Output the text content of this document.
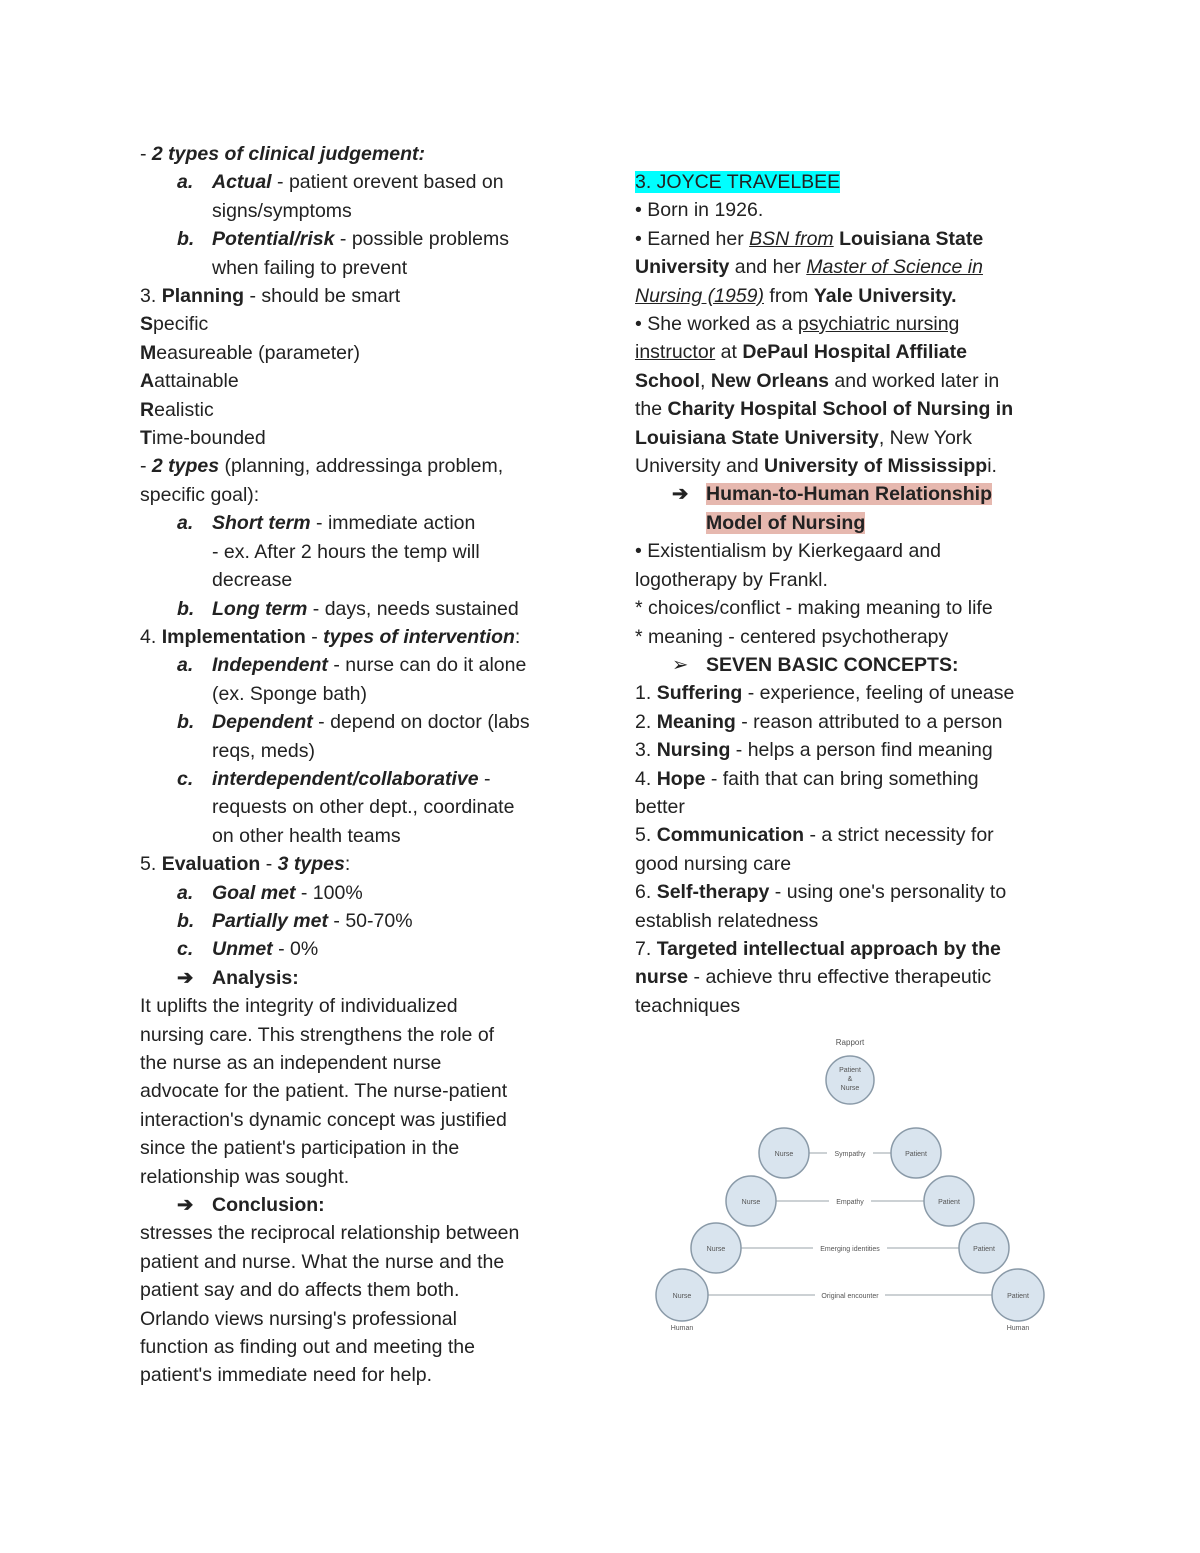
- 2 types of clinical judgement:
a. Actual - patient orevent based on
signs/symptoms
b. Potential/risk - possible problems
when failing to prevent
3. Planning - should be smart
Specific
Measureable (parameter)
Aattainable
Realistic
Time-bounded
- 2 types (planning, addressinga problem,
specific goal):
a. Short term - immediate action
- ex. After 2 hours the temp will
decrease
b. Long term - days, needs sustained
4. Implementation - types of intervention:
a. Independent - nurse can do it alone
(ex. Sponge bath)
b. Dependent - depend on doctor (labs
reqs, meds)
c. interdependent/collaborative -
requests on other dept., coordinate
on other health teams
5. Evaluation - 3 types:
a. Goal met - 100%
b. Partially met - 50-70%
c. Unmet - 0%
➔ Analysis:
It uplifts the integrity of individualized
nursing care. This strengthens the role of
the nurse as an independent nurse
advocate for the patient. The nurse-patient
interaction's dynamic concept was justified
since the patient's participation in the
relationship was sought.
➔ Conclusion:
stresses the reciprocal relationship between
patient and nurse. What the nurse and the
patient say and do affects them both.
Orlando views nursing's professional
function as finding out and meeting the
patient's immediate need for help.
3. JOYCE TRAVELBEE
• Born in 1926.
• Earned her BSN from Louisiana State
University and her Master of Science in
Nursing (1959) from Yale University.
• She worked as a psychiatric nursing
instructor at DePaul Hospital Affiliate
School, New Orleans and worked later in
the Charity Hospital School of Nursing in
Louisiana State University, New York
University and University of Mississippi.
➔ Human-to-Human Relationship
Model of Nursing
• Existentialism by Kierkegaard and
logotherapy by Frankl.
* choices/conflict - making meaning to life
* meaning - centered psychotherapy
➢ SEVEN BASIC CONCEPTS:
1. Suffering - experience, feeling of unease
2. Meaning - reason attributed to a person
3. Nursing - helps a person find meaning
4. Hope - faith that can bring something
better
5. Communication - a strict necessity for
good nursing care
6. Self-therapy - using one's personality to
establish relatedness
7. Targeted intellectual approach by the
nurse - achieve thru effective therapeutic
teachniques
Rapport
Patient
&
Nurse
Nurse	Patient
Sympathy
Nurse	Patient
Empathy
Nurse	Patient
Emerging identities
Nurse	Patient
Original encounter
Human	Human
